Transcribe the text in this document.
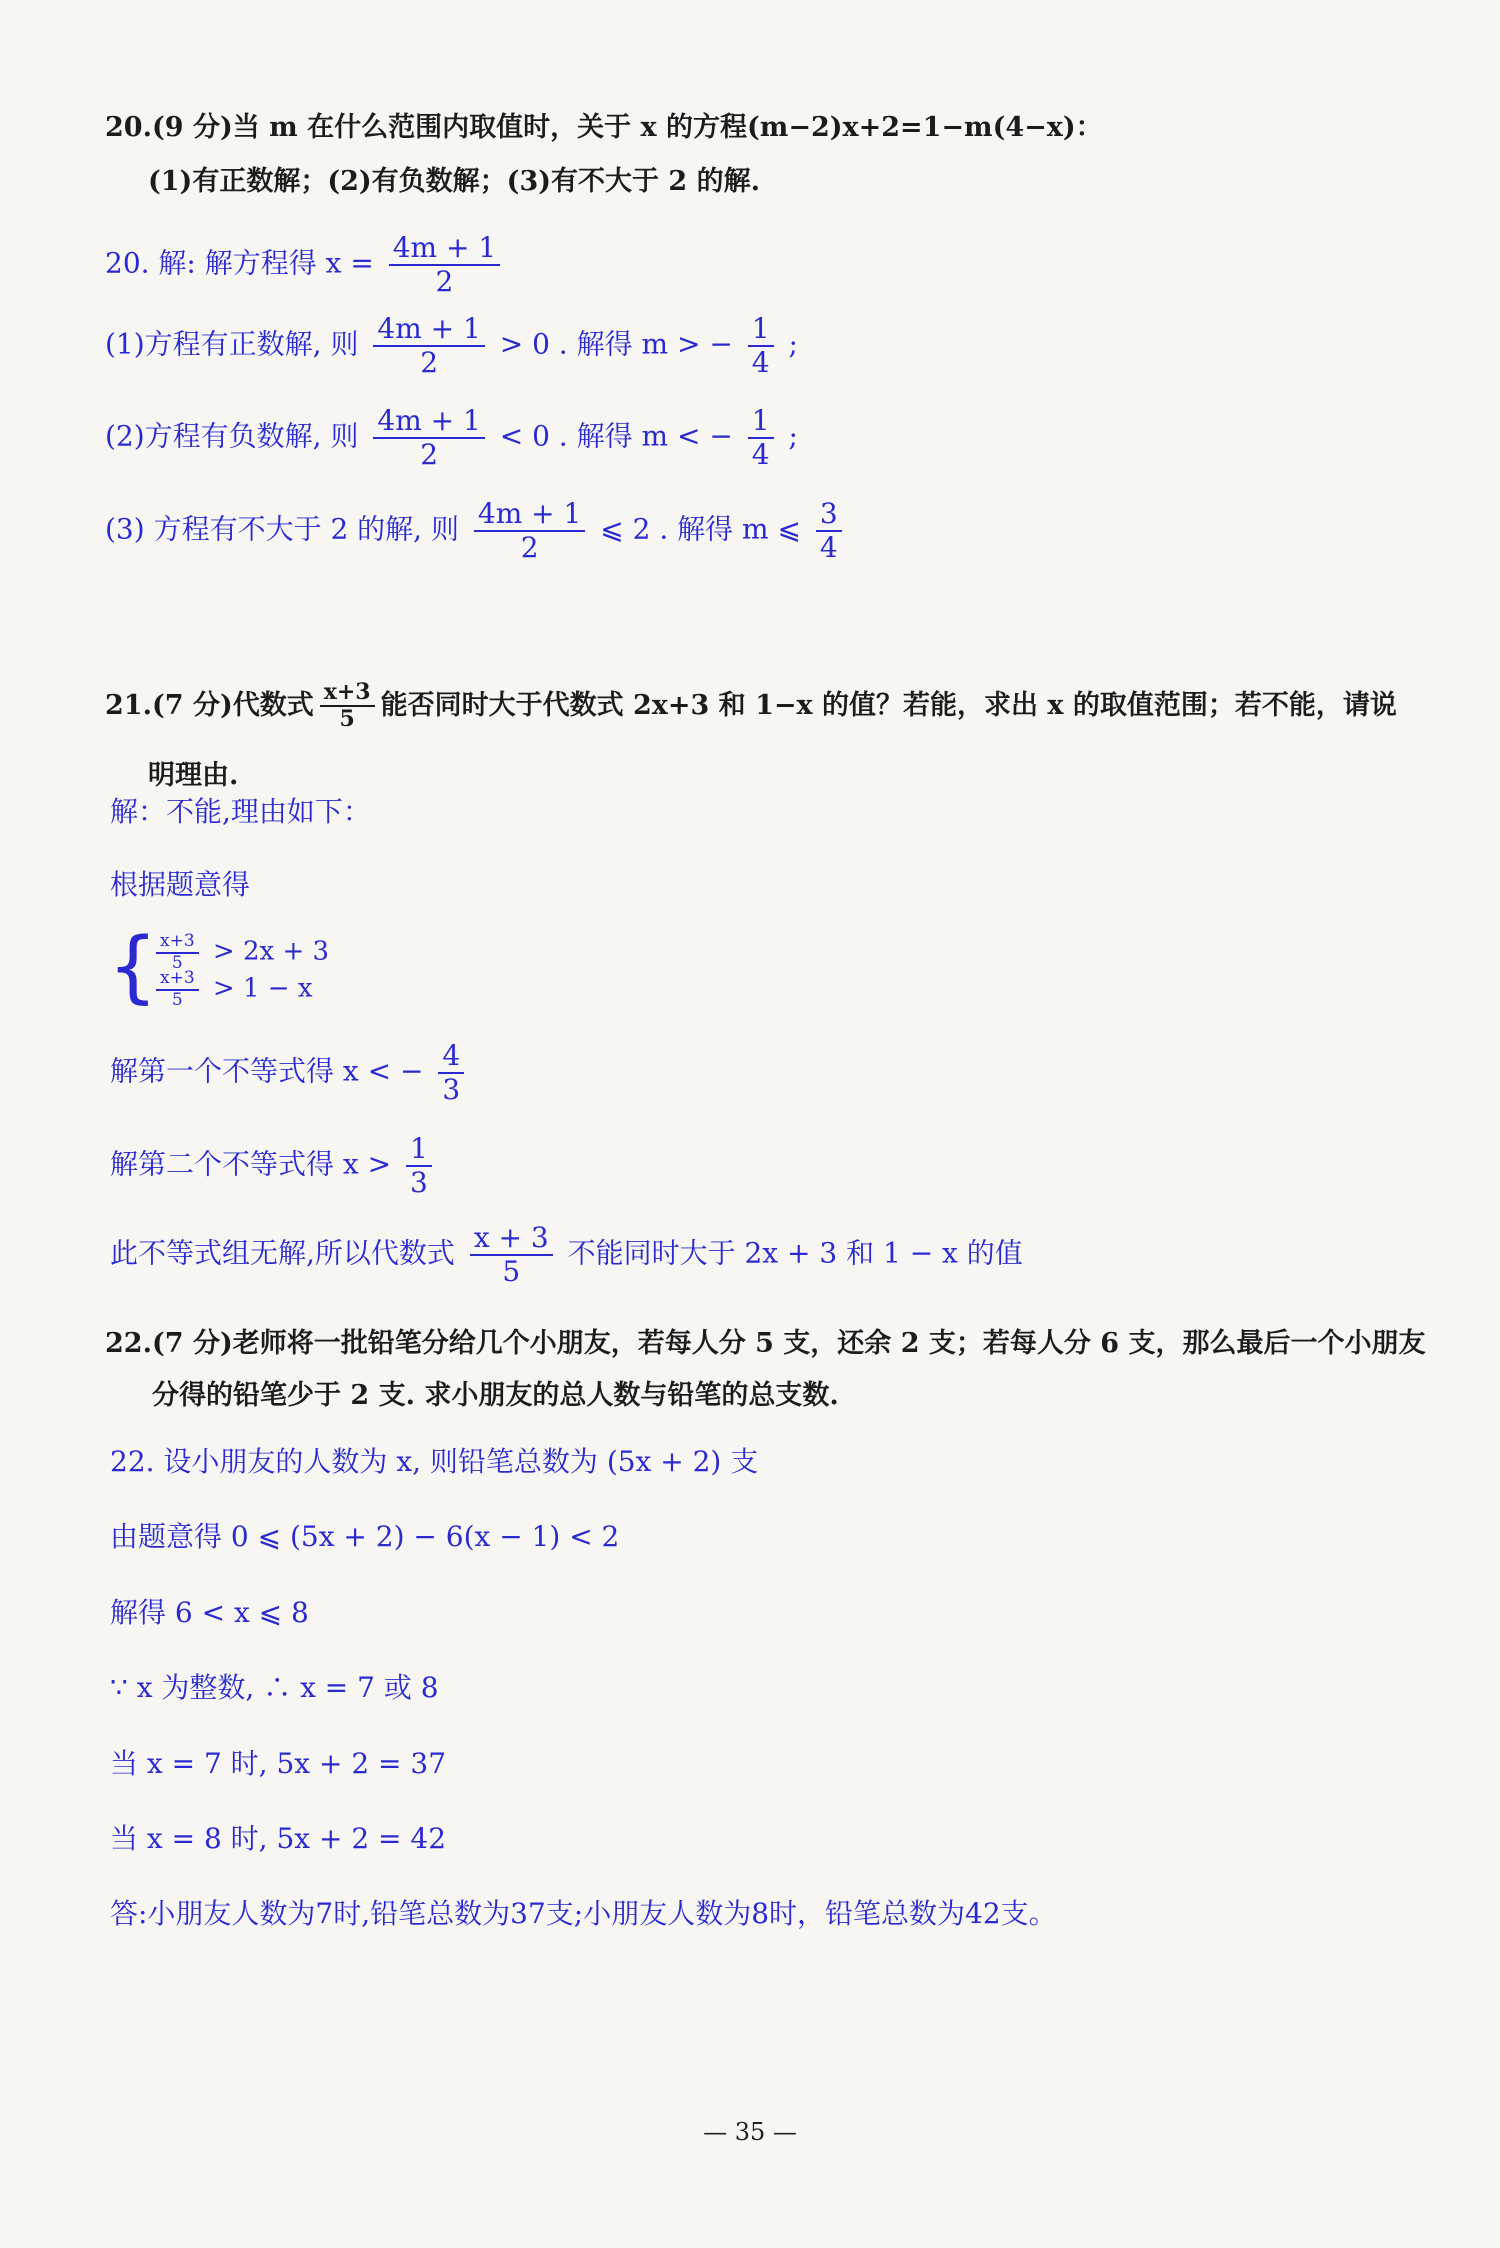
20.(9 分)当 m 在什么范围内取值时，关于 x 的方程(m−2)x+2=1−m(4−x)：
(1)有正数解；(2)有负数解；(3)有不大于 2 的解.
20. 解: 解方程得 $x = \frac{4m + 1}{2}$
(1)方程有正数解, 则 $\frac{4m + 1}{2} > 0$ . 解得 m > − $\frac{1}{4}$ ;
(2)方程有负数解, 则 $\frac{4m + 1}{2} < 0$ . 解得 m < − $\frac{1}{4}$ ;
(3) 方程有不大于 2 的解, 则 $\frac{4m + 1}{2}$ ⩽ 2 . 解得 m ⩽ $\frac{3}{4}$
21.(7 分)代数式 $\frac{x+3}{5}$ 能否同时大于代数式 2x+3 和 1−x 的值？若能，求出 x 的取值范围；若不能，请说
明理由.
解：不能,理由如下：
根据题意得
{
$\frac{x+3}{5} > 2x + 3$
$\frac{x+3}{5} > 1 - x$
解第一个不等式得 x < − $\frac{4}{3}$
解第二个不等式得 $x > \frac{1}{3}$
此不等式组无解,所以代数式 $\frac{x + 3}{5}$ 不能同时大于 2x + 3 和 1 − x 的值
22.(7 分)老师将一批铅笔分给几个小朋友，若每人分 5 支，还余 2 支；若每人分 6 支，那么最后一个小朋友
分得的铅笔少于 2 支. 求小朋友的总人数与铅笔的总支数.
22. 设小朋友的人数为 x, 则铅笔总数为 (5x + 2) 支
由题意得 0 ⩽ (5x + 2) − 6(x − 1) < 2
解得 6 < x ⩽ 8
∵ x 为整数, ∴ x = 7 或 8
当 x = 7 时, 5x + 2 = 37
当 x = 8 时, 5x + 2 = 42
答:小朋友人数为7时,铅笔总数为37支;小朋友人数为8时，铅笔总数为42支。
— 35 —
